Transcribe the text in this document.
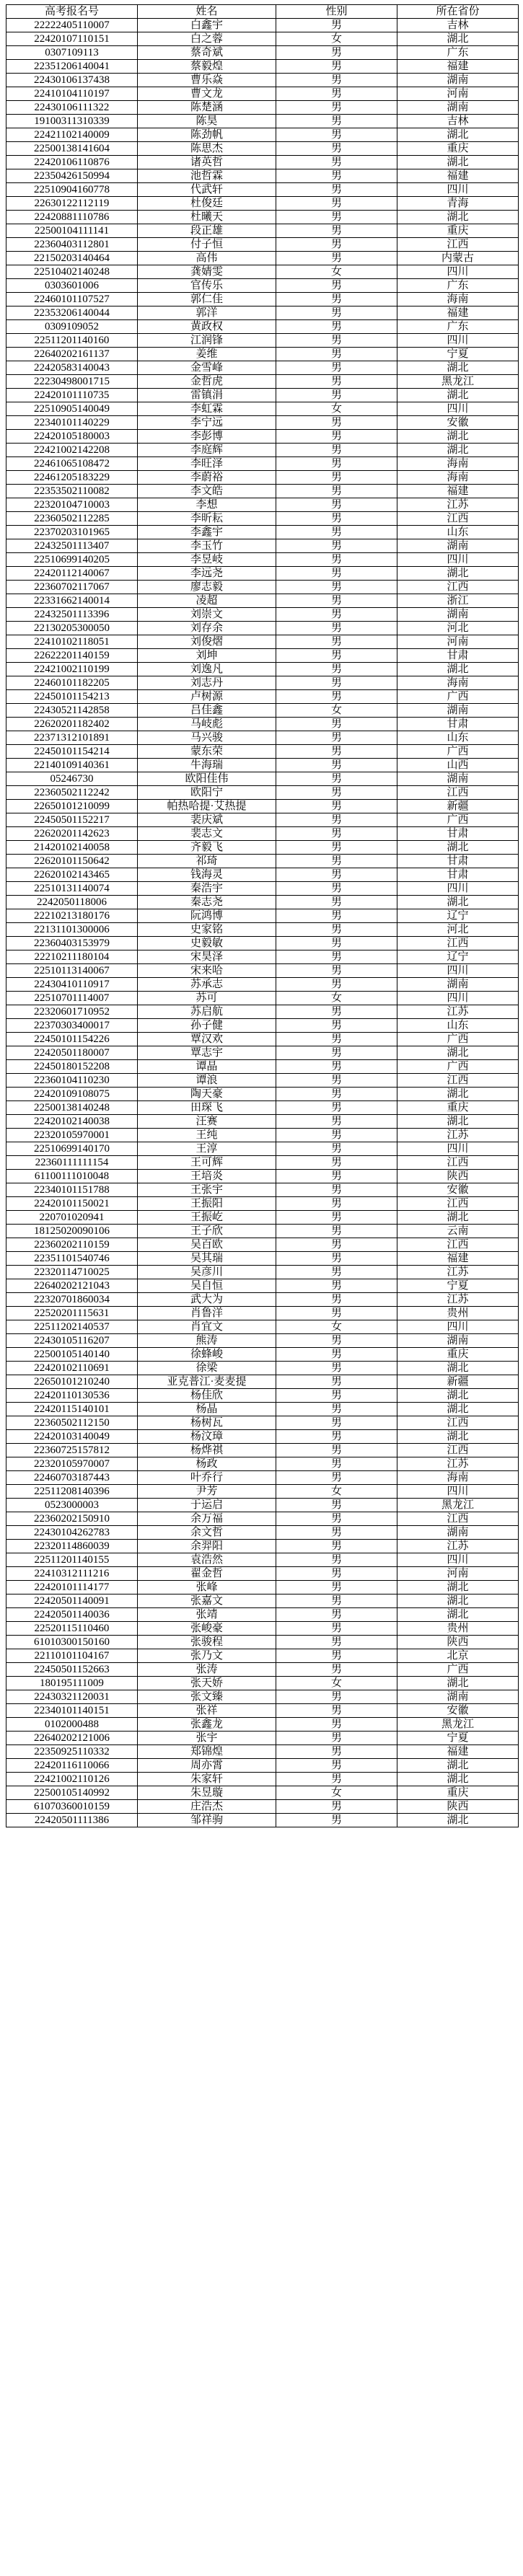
高考报名号	姓名	性别	所在省份
22222405110007	白鑫宇	男	吉林
22420107110151	白之蓉	女	湖北
0307109113	蔡奇斌	男	广东
22351206140041	蔡毅煌	男	福建
22430106137438	曹乐焱	男	湖南
22410104110197	曹文龙	男	河南
22430106111322	陈楚涵	男	湖南
19100311310339	陈昊	男	吉林
22421102140009	陈劲帆	男	湖北
22500138141604	陈思杰	男	重庆
22420106110876	诸英哲	男	湖北
22350426150994	池哲霖	男	福建
22510904160778	代武轩	男	四川
22630122112119	杜俊廷	男	青海
22420881110786	杜曦天	男	湖北
22500104111141	段正雄	男	重庆
22360403112801	付子恒	男	江西
22150203140464	高伟	男	内蒙古
22510402140248	龚婧雯	女	四川
0303601006	官传乐	男	广东
22460101107527	郭仁佳	男	海南
22353206140044	郭洋	男	福建
0309109052	黄政权	男	广东
22511201140160	江润锋	男	四川
22640202161137	姜维	男	宁夏
22420583140043	金雪峰	男	湖北
22230498001715	金哲虎	男	黑龙江
22420101110735	雷镇涓	男	湖北
22510905140049	李虹霖	女	四川
22340101140229	李宁远	男	安徽
22420105180003	李彭博	男	湖北
22421002142208	李庭辉	男	湖北
22461065108472	李旺泽	男	海南
22461205183229	李蔚裕	男	海南
22353502110082	李文皓	男	福建
22320104710003	李想	男	江苏
22360502112285	李昕耘	男	江西
22370203101965	李鑫宇	男	山东
22432501113407	李玉竹	男	湖南
22510699140205	李昱岐	男	四川
22420112140067	李远尧	男	湖北
22360702117067	廖志毅	男	江西
22331662140014	凌超	男	浙江
22432501113396	刘崇文	男	湖南
22130205300050	刘存余	男	河北
22410102118051	刘俊熠	男	河南
22622201140159	刘坤	男	甘肃
22421002110199	刘逸凡	男	湖北
22460101182205	刘志丹	男	海南
22450101154213	卢树源	男	广西
22430521142858	吕佳鑫	女	湖南
22620201182402	马岐彪	男	甘肃
22371312101891	马兴骏	男	山东
22450101154214	蒙东荣	男	广西
22140109140361	牛海瑞	男	山西
05246730	欧阳佳伟	男	湖南
22360502112242	欧阳宁	男	江西
22650101210099	帕热哈提·艾热提	男	新疆
22450501152217	裴庆斌	男	广西
22620201142623	裴志文	男	甘肃
21420102140058	齐毅飞	男	湖北
22620101150642	祁琦	男	甘肃
22620102143465	钱海灵	男	甘肃
22510131140074	秦浩宇	男	四川
2242050118006	秦志尧	男	湖北
22210213180176	阮鸿博	男	辽宁
22131101300006	史家铭	男	河北
22360403153979	史毅敏	男	江西
22210211180104	宋昊泽	男	辽宁
22510113140067	宋来哈	男	四川
22430410110917	苏承志	男	湖南
22510701114007	苏可	女	四川
22320601710952	苏启航	男	江苏
22370303400017	孙子健	男	山东
22450101154226	覃汉欢	男	广西
22420501180007	覃志宇	男	湖北
22450180152208	谭晶	男	广西
22360104110230	谭浪	男	江西
22420109108075	陶天豪	男	湖北
22500138140248	田琛飞	男	重庆
22420102140038	汪赛	男	湖北
22320105970001	王纯	男	江苏
22510699140170	王淳	男	四川
22360111111154	王可辉	男	江西
61100111010048	王培炎	男	陕西
22340101151788	王张宇	男	安徽
22420101150021	王振阳	男	江西
220701020941	王振屹	男	湖北
18125020090106	王子欣	男	云南
22360202110159	吴百欧	男	江西
22351101540746	吴其瑞	男	福建
22320114710025	吴彦川	男	江苏
22640202121043	吴自恒	男	宁夏
22320701860034	武大为	男	江苏
22520201115631	肖鲁洋	男	贵州
22511202140537	肖宜文	女	四川
22430105116207	熊涛	男	湖南
22500105140140	徐蜂峻	男	重庆
22420102110691	徐梁	男	湖北
22650101210240	亚克普江·麦麦提	男	新疆
22420110130536	杨佳欣	男	湖北
22420115140101	杨晶	男	湖北
22360502112150	杨树瓦	男	江西
22420103140049	杨汶璋	男	湖北
22360725157812	杨烨祺	男	江西
22320105970007	杨政	男	江苏
22460703187443	叶乔行	男	海南
22511208140396	尹芳	女	四川
0523000003	于运启	男	黑龙江
22360202150910	余万福	男	江西
22430104262783	余文哲	男	湖南
22320114860039	余羿阳	男	江苏
22511201140155	袁浩然	男	四川
22410312111216	翟金哲	男	河南
22420101114177	张峰	男	湖北
22420501140091	张嘉文	男	湖北
22420501140036	张靖	男	湖北
22520115110460	张峻豪	男	贵州
61010300150160	张骏程	男	陕西
22110101104167	张乃文	男	北京
22450501152663	张涛	男	广西
180195111009	张天娇	女	湖北
22430321120031	张文臻	男	湖南
22340101140151	张祥	男	安徽
0102000488	张鑫龙	男	黑龙江
22640202121006	张宇	男	宁夏
22350925110332	郑锦煌	男	福建
22420116110066	周亦霄	男	湖北
22421002110126	朱家轩	男	湖北
22500105140992	朱昱璇	女	重庆
61070360010159	庄浩杰	男	陕西
22420501111386	邹祥驹	男	湖北
